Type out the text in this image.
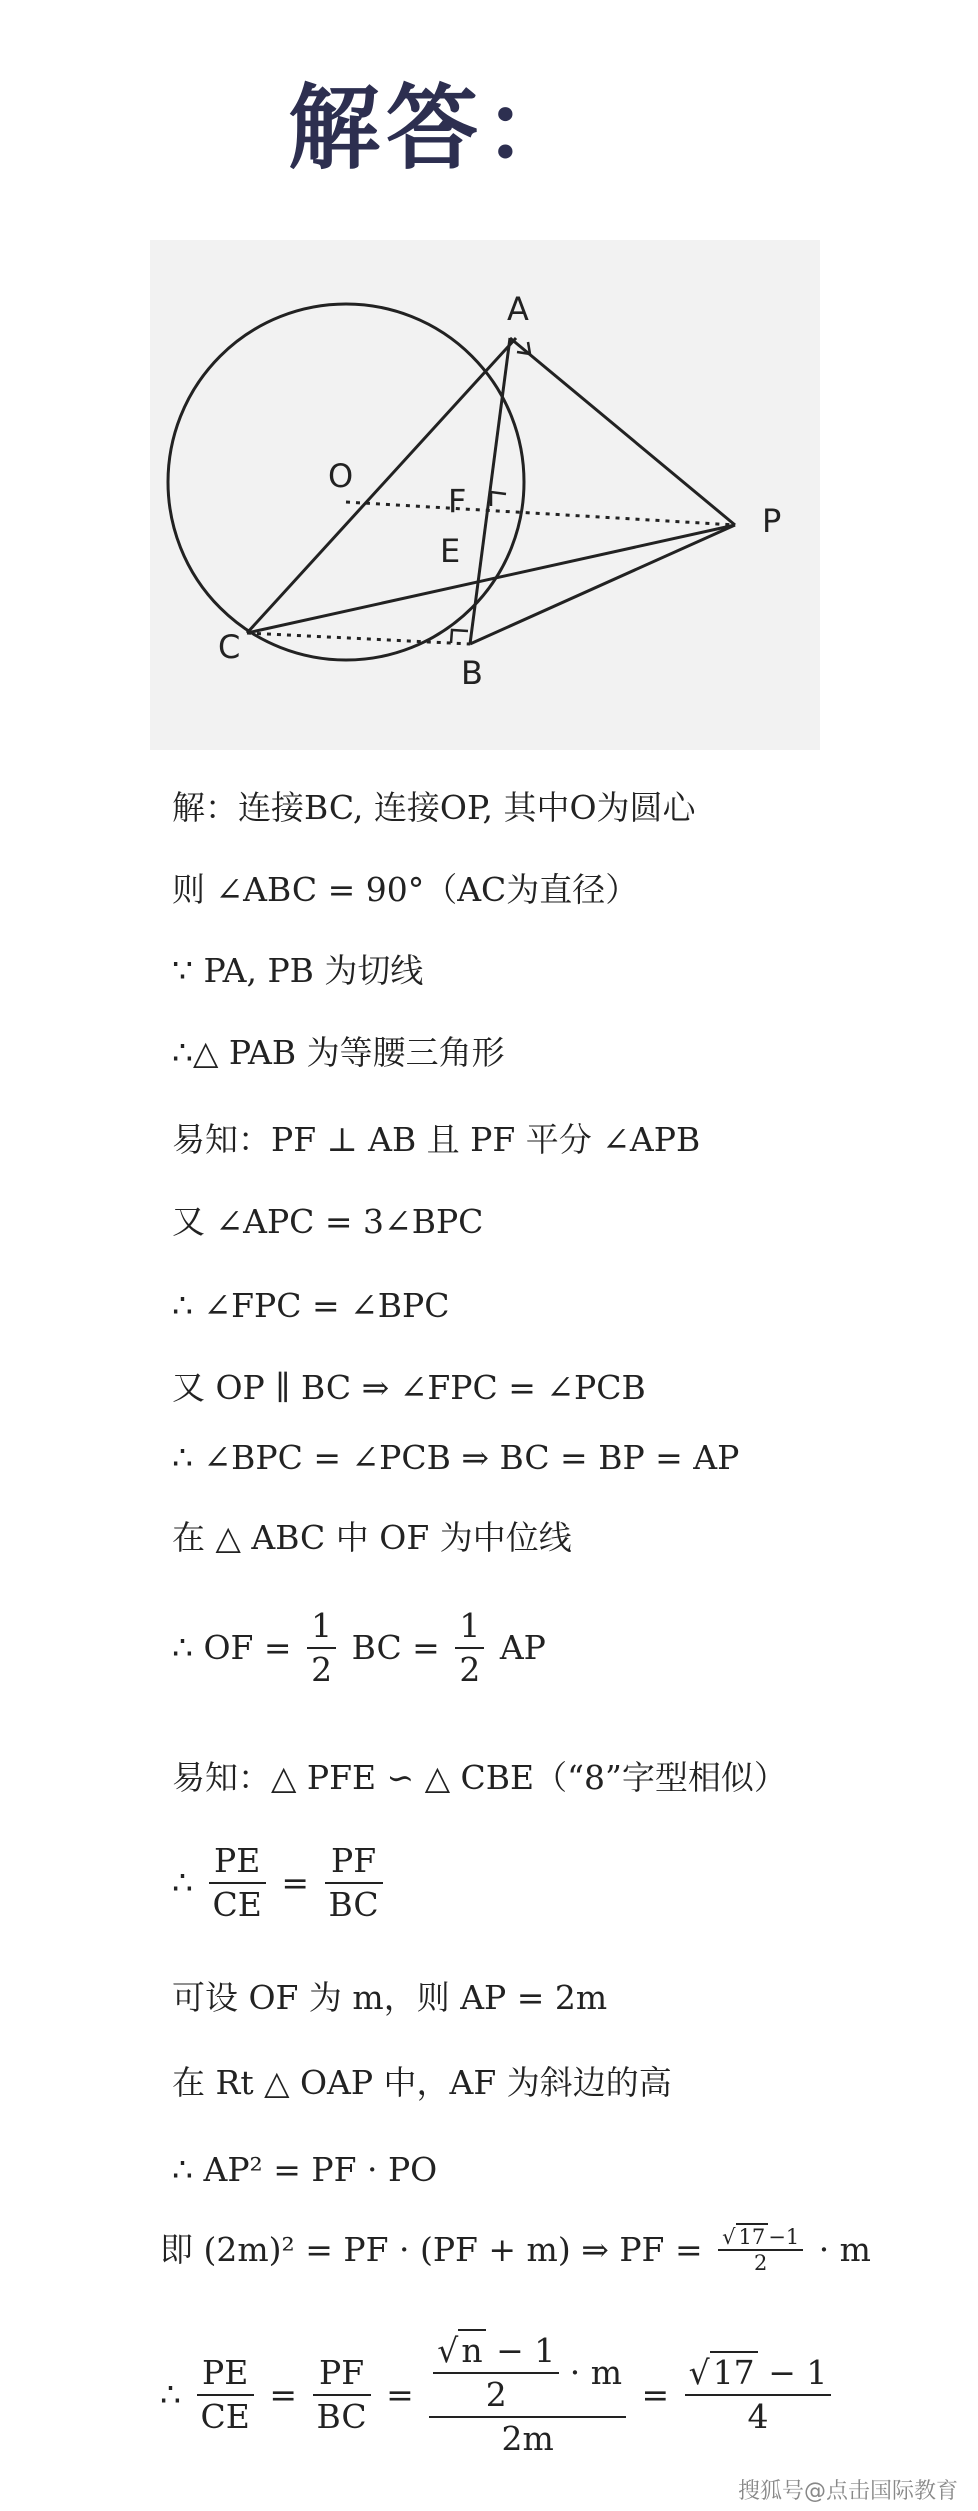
解答：
A
B
C
O
E
F
P
解：连接BC, 连接OP, 其中O为圆心
则 ∠ABC = 90°（AC为直径）
∵ PA, PB 为切线
∴△ PAB 为等腰三角形
易知：PF ⊥ AB 且 PF 平分 ∠APB
又 ∠APC = 3∠BPC
∴ ∠FPC = ∠BPC
又 OP ∥ BC ⇒ ∠FPC = ∠PCB
∴ ∠BPC = ∠PCB ⇒ BC = BP = AP
在 △ ABC 中 OF 为中位线
∴ OF = $\frac{1}{2}$ BC = $\frac{1}{2}$ AP
易知：△ PFE ∽ △ CBE（“8”字型相似）
∴ $\frac{PE}{CE} = \frac{PF}{BC}$
可设 OF 为 m，则 AP = 2m
在 Rt △ OAP 中，AF 为斜边的高
∴ AP² = PF · PO
即 (2m)² = PF · (PF + m) ⇒ PF = $\frac{√ 17 -1}{2} \cdot m$
∴ $\frac{PE}{CE} = \frac{PF}{BC} = \frac{\frac{√n - 1}{2} \cdot m}{2m} = \frac{√17 - 1}{4}$
搜狐号@点击国际教育
